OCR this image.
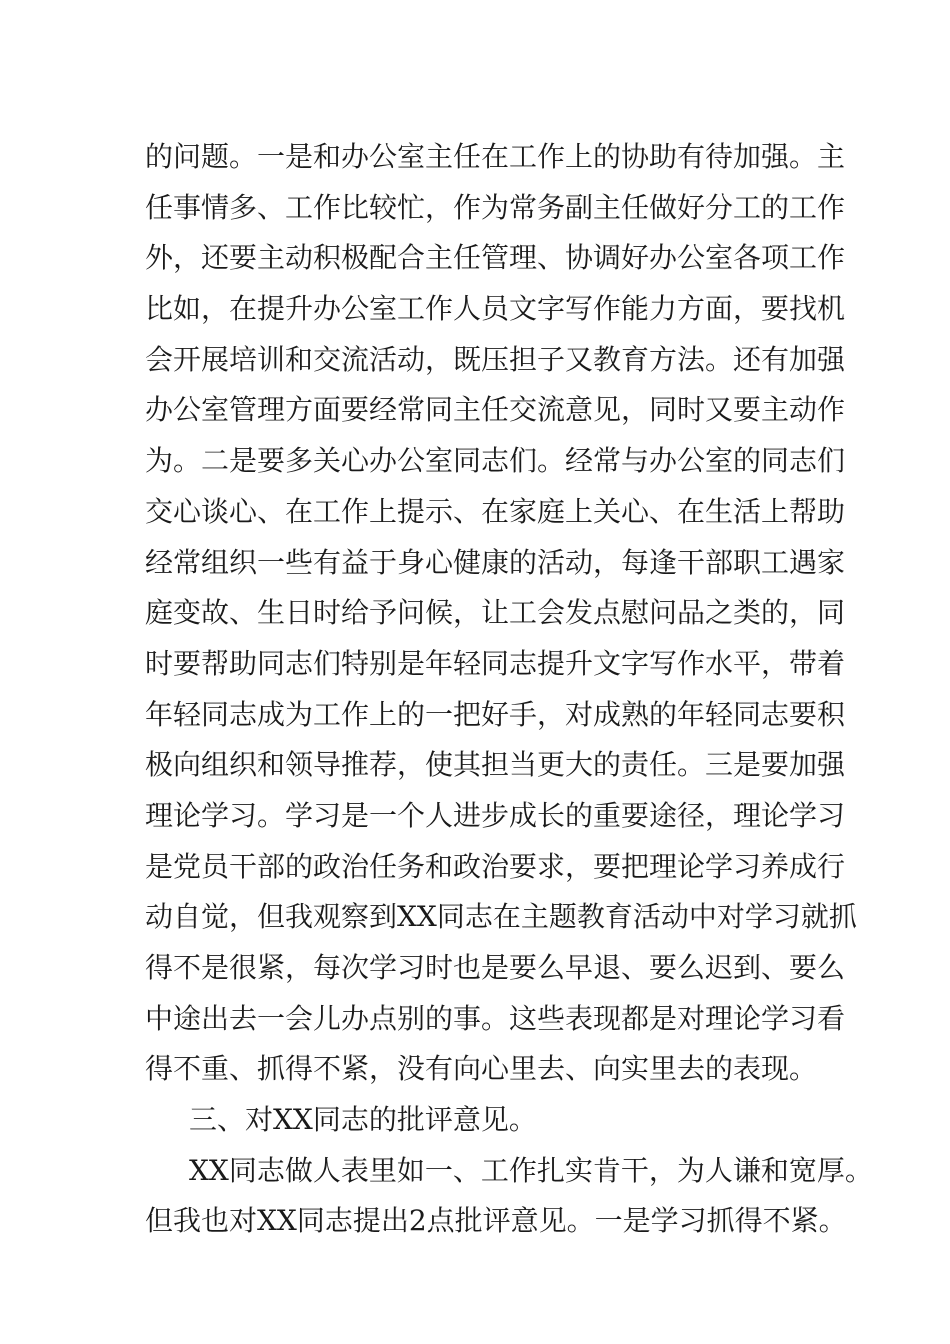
的问题。一是和办公室主任在工作上的协助有待加强。主
任事情多、工作比较忙，作为常务副主任做好分工的工作
外，还要主动积极配合主任管理、协调好办公室各项工作
比如，在提升办公室工作人员文字写作能力方面，要找机
会开展培训和交流活动，既压担子又教育方法。还有加强
办公室管理方面要经常同主任交流意见，同时又要主动作
为。二是要多关心办公室同志们。经常与办公室的同志们
交心谈心、在工作上提示、在家庭上关心、在生活上帮助
经常组织一些有益于身心健康的活动，每逢干部职工遇家
庭变故、生日时给予问候，让工会发点慰问品之类的，同
时要帮助同志们特别是年轻同志提升文字写作水平，带着
年轻同志成为工作上的一把好手，对成熟的年轻同志要积
极向组织和领导推荐，使其担当更大的责任。三是要加强
理论学习。学习是一个人进步成长的重要途径，理论学习
是党员干部的政治任务和政治要求，要把理论学习养成行
动自觉，但我观察到XX同志在主题教育活动中对学习就抓
得不是很紧，每次学习时也是要么早退、要么迟到、要么
中途出去一会儿办点别的事。这些表现都是对理论学习看
得不重、抓得不紧，没有向心里去、向实里去的表现。
三、对XX同志的批评意见。
XX同志做人表里如一、工作扎实肯干，为人谦和宽厚。
但我也对XX同志提出2点批评意见。一是学习抓得不紧。
